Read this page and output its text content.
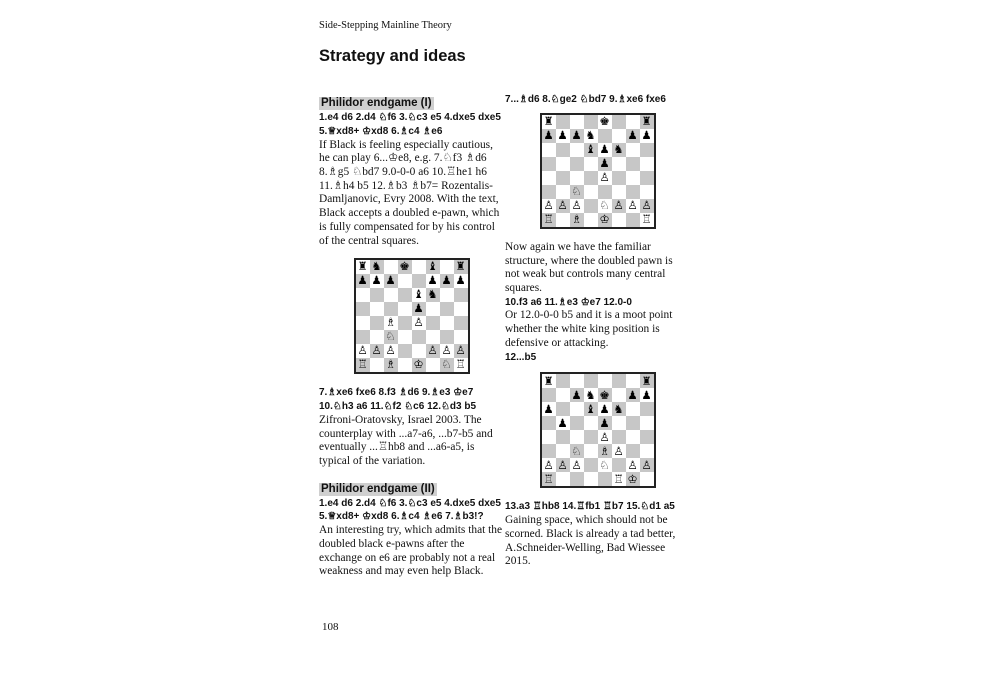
Side-Stepping Mainline Theory
Strategy and ideas
Philidor endgame (I)

1.e4 d6 2.d4 ♘f6 3.♘c3 e5 4.dxe5 dxe5 5.♕xd8+ ♔xd8 6.♗c4 ♗e6

If Black is feeling especially cautious, he can play 6...♔e8, e.g. 7.♘f3 ♗d6 8.♗g5 ♘bd7 9.0-0-0 a6 10.♖he1 h6 11.♗h4 b5 12.♗b3 ♗b7= Rozentalis-Damljanovic, Evry 2008. With the text, Black accepts a doubled e-pawn, which is fully compensated for by his control of the central squares.

♜ ♞ ♚ ♝ ♜
♟ ♟ ♟	♟ ♟ ♟
♝ ♞
♟
♗ ♙
♘
♙ ♙ ♙	♙ ♙ ♙
♖ ♗ ♔ ♘ ♖

7.♗xe6 fxe6 8.f3 ♗d6 9.♗e3 ♔e7 10.♘h3 a6 11.♘f2 ♘c6 12.♘d3 b5

Zifroni-Oratovsky, Israel 2003. The counterplay with ...a7-a6, ...b7-b5 and eventually ...♖hb8 and ...a6-a5, is typical of the variation.

Philidor endgame (II)

1.e4 d6 2.d4 ♘f6 3.♘c3 e5 4.dxe5 dxe5 5.♕xd8+ ♔xd8 6.♗c4 ♗e6 7.♗b3!?

An interesting try, which admits that the doubled black e-pawns after the exchange on e6 are probably not a real weakness and may even help Black.

7...♗d6 8.♘ge2 ♘bd7 9.♗xe6 fxe6

♜	♚	♜
♟ ♟ ♟ ♞	♟ ♟
♝ ♟ ♞
♟
♙
♘
♙ ♙ ♙ ♘ ♙ ♙ ♙
♖ ♗ ♔	♖

Now again we have the familiar structure, where the doubled pawn is not weak but controls many central squares.

10.f3 a6 11.♗e3 ♔e7 12.0-0

Or 12.0-0-0 b5 and it is a moot point whether the white king position is defensive or attacking.

12...b5

♜	♜
♟ ♞ ♚ ♟ ♟
♟	♝ ♟ ♞
♟	♟
♙
♘ ♗ ♙
♙ ♙ ♙ ♘ ♙ ♙
♖	♖ ♔

13.a3 ♖hb8 14.♖fb1 ♖b7 15.♘d1 a5

Gaining space, which should not be scorned. Black is already a tad better, A.Schneider-Welling, Bad Wiessee 2015.

108
